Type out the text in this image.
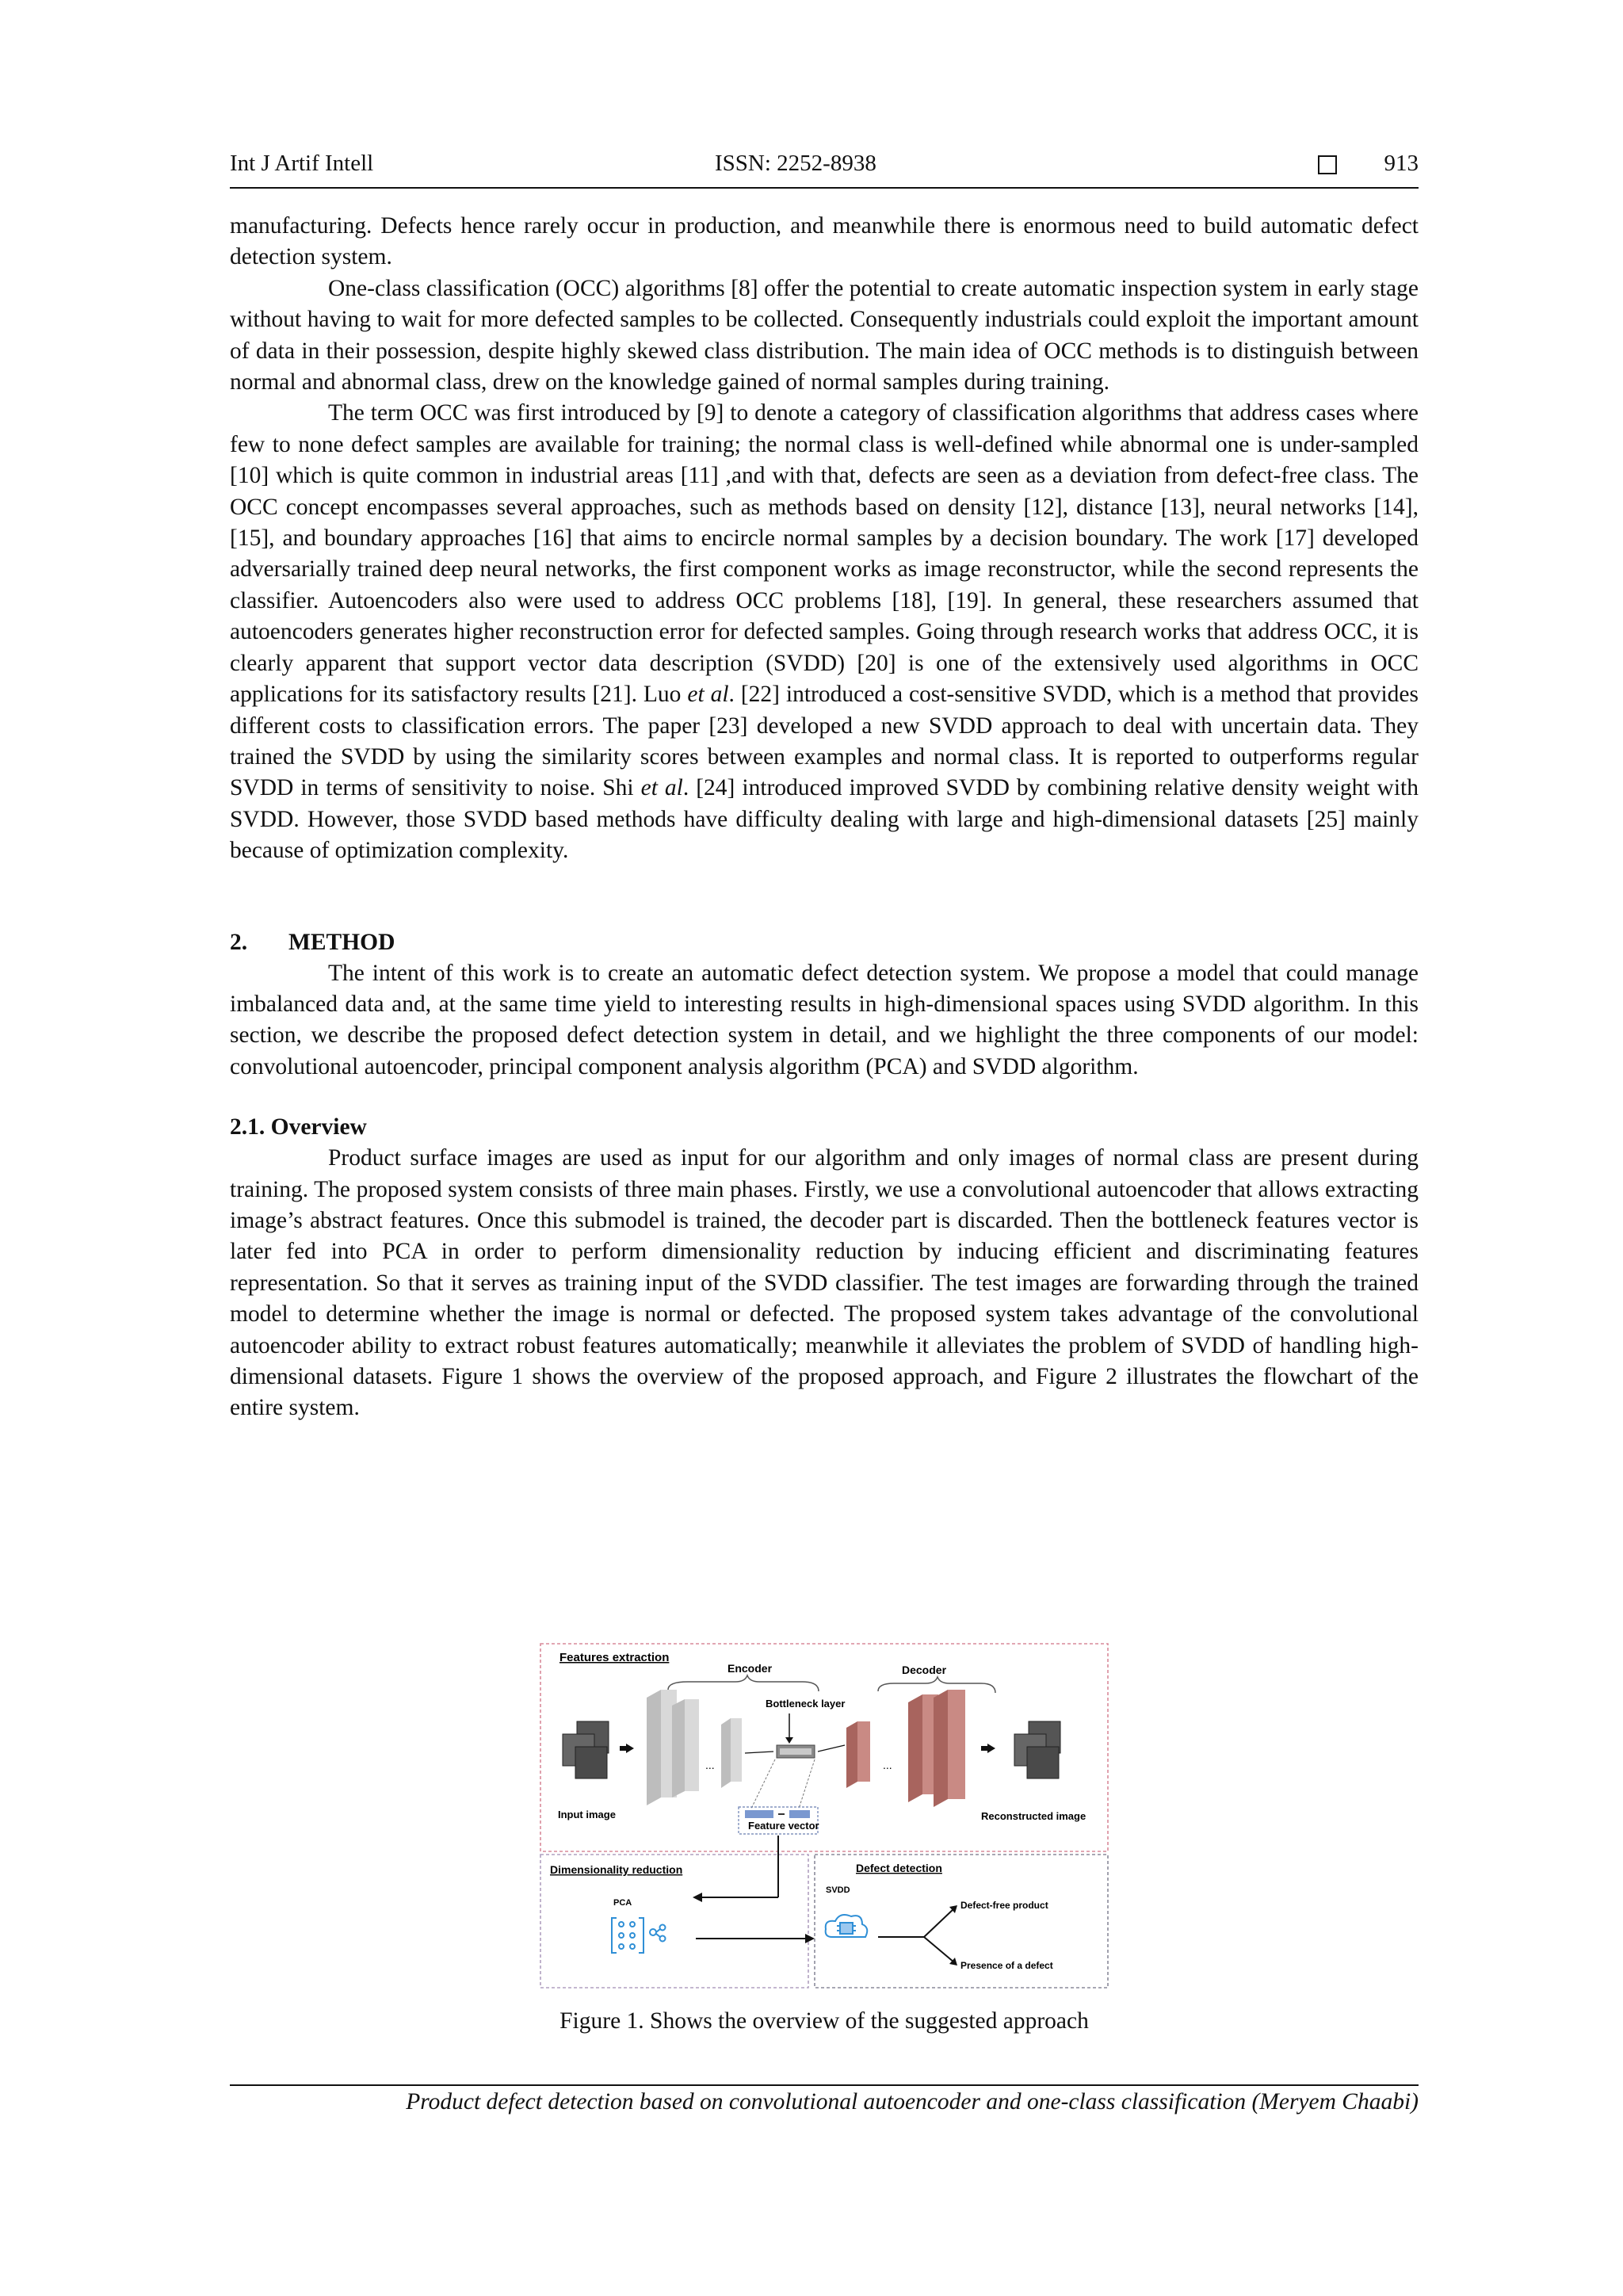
Int J Artif Intell	ISSN: 2252-8938	913

manufacturing. Defects hence rarely occur in production, and meanwhile there is enormous need to build automatic defect detection system.

One-class classification (OCC) algorithms [8] offer the potential to create automatic inspection system in early stage without having to wait for more defected samples to be collected. Consequently industrials could exploit the important amount of data in their possession, despite highly skewed class distribution. The main idea of OCC methods is to distinguish between normal and abnormal class, drew on the knowledge gained of normal samples during training.

The term OCC was first introduced by [9] to denote a category of classification algorithms that address cases where few to none defect samples are available for training; the normal class is well-defined while abnormal one is under-sampled [10] which is quite common in industrial areas [11] ,and with that, defects are seen as a deviation from defect-free class. The OCC concept encompasses several approaches, such as methods based on density [12], distance [13], neural networks [14], [15], and boundary approaches [16] that aims to encircle normal samples by a decision boundary. The work [17] developed adversarially trained deep neural networks, the first component works as image reconstructor, while the second represents the classifier. Autoencoders also were used to address OCC problems [18], [19]. In general, these researchers assumed that autoencoders generates higher reconstruction error for defected samples. Going through research works that address OCC, it is clearly apparent that support vector data description (SVDD) [20] is one of the extensively used algorithms in OCC applications for its satisfactory results [21]. Luo et al. [22] introduced a cost-sensitive SVDD, which is a method that provides different costs to classification errors. The paper [23] developed a new SVDD approach to deal with uncertain data. They trained the SVDD by using the similarity scores between examples and normal class. It is reported to outperforms regular SVDD in terms of sensitivity to noise. Shi et al. [24] introduced improved SVDD by combining relative density weight with SVDD. However, those SVDD based methods have difficulty dealing with large and high-dimensional datasets [25] mainly because of optimization complexity.

2. METHOD

The intent of this work is to create an automatic defect detection system. We propose a model that could manage imbalanced data and, at the same time yield to interesting results in high-dimensional spaces using SVDD algorithm. In this section, we describe the proposed defect detection system in detail, and we highlight the three components of our model: convolutional autoencoder, principal component analysis algorithm (PCA) and SVDD algorithm.

2.1. Overview

Product surface images are used as input for our algorithm and only images of normal class are present during training. The proposed system consists of three main phases. Firstly, we use a convolutional autoencoder that allows extracting image’s abstract features. Once this submodel is trained, the decoder part is discarded. Then the bottleneck features vector is later fed into PCA in order to perform dimensionality reduction by inducing efficient and discriminating features representation. So that it serves as training input of the SVDD classifier. The test images are forwarding through the trained model to determine whether the image is normal or defected. The proposed system takes advantage of the convolutional autoencoder ability to extract robust features automatically; meanwhile it alleviates the problem of SVDD of handling high-dimensional datasets. Figure 1 shows the overview of the proposed approach, and Figure 2 illustrates the flowchart of the entire system.

Features extraction
Encoder	Decoder
Bottleneck layer
...	...
Input image	Reconstructed image
Feature vector
Dimensionality reduction
PCA
Defect detection
SVDD
Defect-free product
Presence of a defect
Figure 1. Shows the overview of the suggested approach
Product defect detection based on convolutional autoencoder and one-class classification (Meryem Chaabi)
